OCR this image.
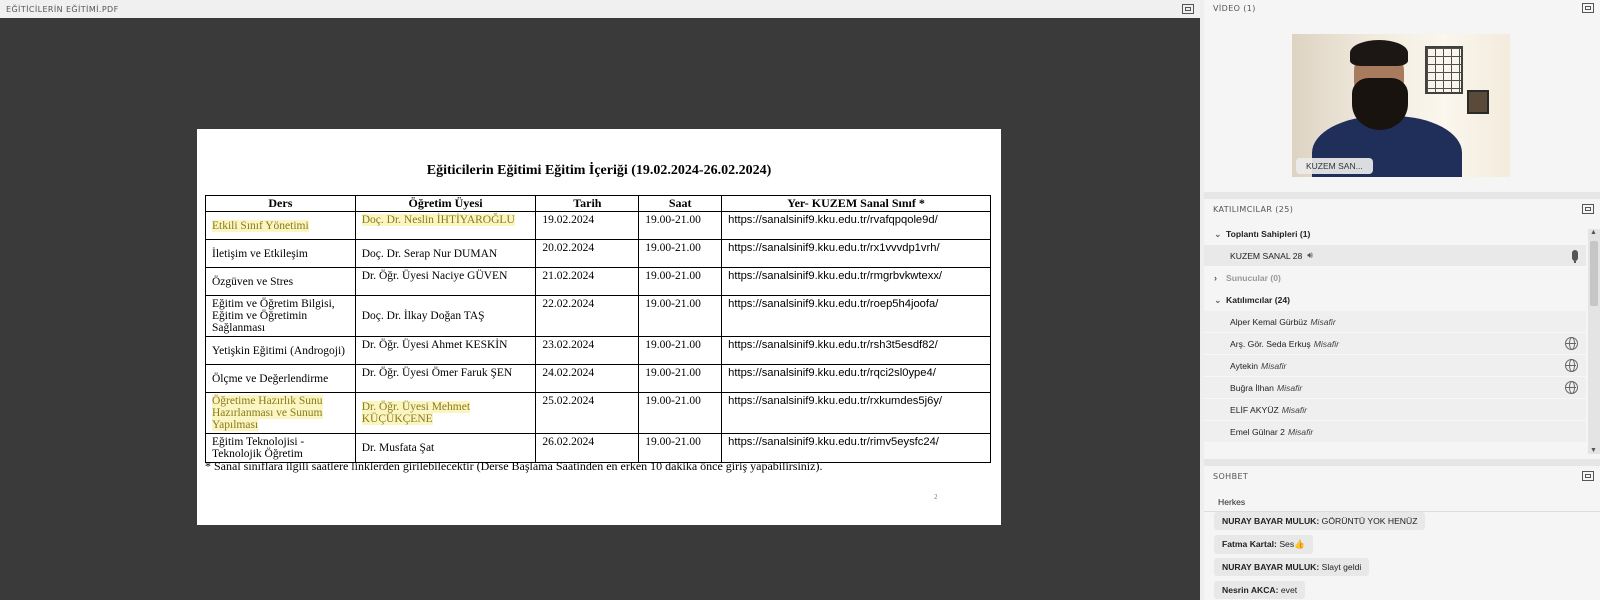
EĞİTİCİLERİN EĞİTİMİ.PDF
Eğiticilerin Eğitimi Eğitim İçeriği (19.02.2024-26.02.2024)
Ders	Öğretim Üyesi	Tarih	Saat	Yer- KUZEM Sanal Sınıf *
Etkili Sınıf Yönetimi	Doç. Dr. Neslin İHTİYAROĞLU	19.02.2024	19.00-21.00	https://sanalsinif9.kku.edu.tr/rvafqpqole9d/
İletişim ve Etkileşim	Doç. Dr. Serap Nur DUMAN	20.02.2024	19.00-21.00	https://sanalsinif9.kku.edu.tr/rx1vvvdp1vrh/
Özgüven ve Stres	Dr. Öğr. Üyesi Naciye GÜVEN	21.02.2024	19.00-21.00	https://sanalsinif9.kku.edu.tr/rmgrbvkwtexx/
Eğitim ve Öğretim Bilgisi, Eğitim ve Öğretimin Sağlanması	Doç. Dr. İlkay Doğan TAŞ	22.02.2024	19.00-21.00	https://sanalsinif9.kku.edu.tr/roep5h4joofa/
Yetişkin Eğitimi (Androgoji)	Dr. Öğr. Üyesi Ahmet KESKİN	23.02.2024	19.00-21.00	https://sanalsinif9.kku.edu.tr/rsh3t5esdf82/
Ölçme ve Değerlendirme	Dr. Öğr. Üyesi Ömer Faruk ŞEN	24.02.2024	19.00-21.00	https://sanalsinif9.kku.edu.tr/rqci2sl0ype4/
Öğretime Hazırlık Sunu Hazırlanması ve Sunum Yapılması	Dr. Öğr. Üyesi Mehmet KÜÇÜKÇENE	25.02.2024	19.00-21.00	https://sanalsinif9.kku.edu.tr/rxkumdes5j6y/
Eğitim Teknolojisi - Teknolojik Öğretim	Dr. Musfata Şat	26.02.2024	19.00-21.00	https://sanalsinif9.kku.edu.tr/rimv5eysfc24/
* Sanal sınıflara ilgili saatlere linklerden girilebilecektir (Derse Başlama Saatinden en erken 10 dakika önce giriş yapabilirsiniz).
2
VİDEO (1)
KUZEM SAN...
KATILIMCILAR (25)
⌄ Toplantı Sahipleri (1)
KUZEM SANAL 28 🔊︎
›	Sunucular (0)
⌄ Katılımcılar (24)
Alper Kemal Gürbüz Misafir
Arş. Gör. Seda Erkuş Misafir
Aytekin Misafir
Buğra İlhan Misafir
ELİF AKYÜZ Misafir
Emel Gülnar 2 Misafir
▲
▼
SOHBET
Herkes
NURAY BAYAR MULUK: GÖRÜNTÜ YOK HENÜZ
Fatma Kartal: Ses👍
NURAY BAYAR MULUK: Slayt geldi
Nesrin AKCA: evet
